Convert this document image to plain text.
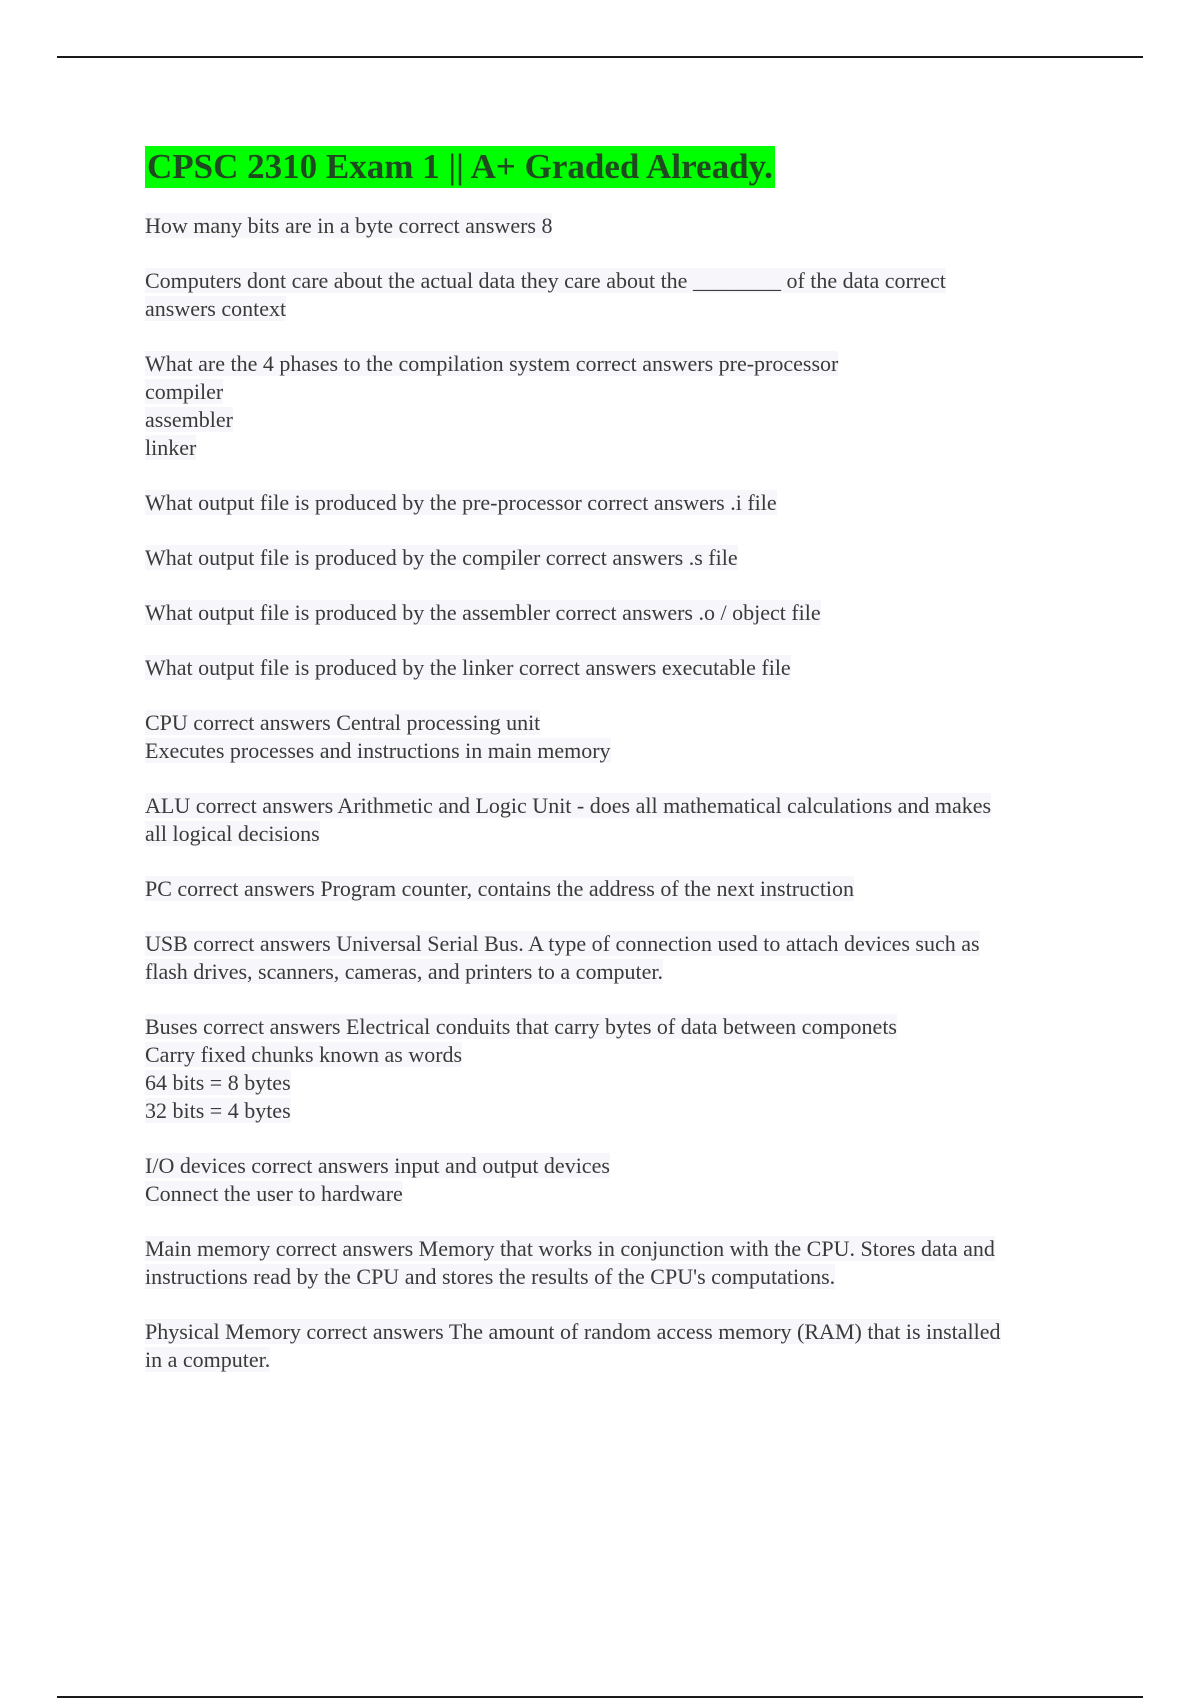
CPSC 2310 Exam 1 || A+ Graded Already.
How many bits are in a byte correct answers 8
Computers dont care about the actual data they care about the ________ of the data correct
answers context
What are the 4 phases to the compilation system correct answers pre-processor
compiler
assembler
linker
What output file is produced by the pre-processor correct answers .i file
What output file is produced by the compiler correct answers .s file
What output file is produced by the assembler correct answers .o / object file
What output file is produced by the linker correct answers executable file
CPU correct answers Central processing unit
Executes processes and instructions in main memory
ALU correct answers Arithmetic and Logic Unit - does all mathematical calculations and makes
all logical decisions
PC correct answers Program counter, contains the address of the next instruction
USB correct answers Universal Serial Bus. A type of connection used to attach devices such as
flash drives, scanners, cameras, and printers to a computer.
Buses correct answers Electrical conduits that carry bytes of data between componets
Carry fixed chunks known as words
64 bits = 8 bytes
32 bits = 4 bytes
I/O devices correct answers input and output devices
Connect the user to hardware
Main memory correct answers Memory that works in conjunction with the CPU. Stores data and
instructions read by the CPU and stores the results of the CPU's computations.
Physical Memory correct answers The amount of random access memory (RAM) that is installed
in a computer.
